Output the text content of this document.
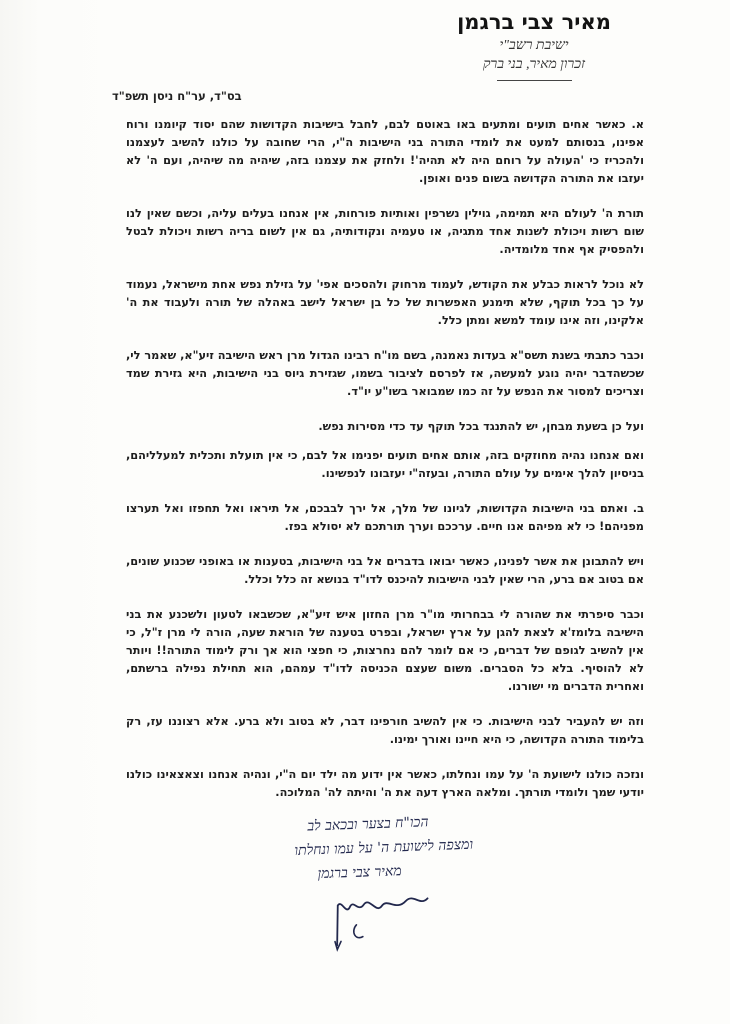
מאיר צבי ברגמן
ישיבת רשב"י
זכרון מאיר, בני ברק
בס"ד, ער"ח ניסן תשפ"ד

א. כאשר אחים תועים ומתעים באו באוטם לבם, לחבל בישיבות הקדושות שהם יסוד קיומנו ורוח אפינו, בנסותם למעט את לומדי התורה בני הישיבות ה"י, הרי שחובה על כולנו להשיב לעצמנו ולהכריז כי 'העולה על רוחם היה לא תהיה'! ולחזק את עצמנו בזה, שיהיה מה שיהיה, ועם ה' לא יעזבו את התורה הקדושה בשום פנים ואופן.

תורת ה' לעולם היא תמימה, גוילין נשרפין ואותיות פורחות, אין אנחנו בעלים עליה, וכשם שאין לנו שום רשות ויכולת לשנות אחד מתגיה, או טעמיה ונקודותיה, גם אין לשום בריה רשות ויכולת לבטל ולהפסיק אף אחד מלומדיה.

לא נוכל לראות כבלע את הקודש, לעמוד מרחוק ולהסכים אפי' על גזילת נפש אחת מישראל, נעמוד על כך בכל תוקף, שלא תימנע האפשרות של כל בן ישראל לישב באהלה של תורה ולעבוד את ה' אלקינו, וזה אינו עומד למשא ומתן כלל.

וכבר כתבתי בשנת תשס"א בעדות נאמנה, בשם מו"ח רבינו הגדול מרן ראש הישיבה זיע"א, שאמר לי, שכשהדבר יהיה נוגע למעשה, אז לפרסם לציבור בשמו, שגזירת גיוס בני הישיבות, היא גזירת שמד וצריכים למסור את הנפש על זה כמו שמבואר בשו"ע יו"ד.

ועל כן בשעת מבחן, יש להתנגד בכל תוקף עד כדי מסירות נפש.

ואם אנחנו נהיה מחוזקים בזה, אותם אחים תועים יפנימו אל לבם, כי אין תועלת ותכלית למעלליהם, בניסיון להלך אימים על עולם התורה, ובעזה"י יעזבונו לנפשינו.

ב. ואתם בני הישיבות הקדושות, לגיונו של מלך, אל ירך לבבכם, אל תיראו ואל תחפזו ואל תערצו מפניהם! כי לא מפיהם אנו חיים. ערככם וערך תורתכם לא יסולא בפז.

ויש להתבונן את אשר לפנינו, כאשר יבואו בדברים אל בני הישיבות, בטענות או באופני שכנוע שונים, אם בטוב אם ברע, הרי שאין לבני הישיבות להיכנס לדו"ד בנושא זה כלל וכלל.

וכבר סיפרתי את שהורה לי בבחרותי מו"ר מרן החזון איש זיע"א, שכשבאו לטעון ולשכנע את בני הישיבה בלומז'א לצאת להגן על ארץ ישראל, ובפרט בטענה של הוראת שעה, הורה לי מרן ז"ל, כי אין להשיב לגופם של דברים, כי אם לומר להם נחרצות, כי חפצי הוא אך ורק לימוד התורה!! ויותר לא להוסיף. בלא כל הסברים. משום שעצם הכניסה לדו"ד עמהם, הוא תחילת נפילה ברשתם, ואחרית הדברים מי ישורנו.

וזה יש להעביר לבני הישיבות. כי אין להשיב חורפינו דבר, לא בטוב ולא ברע. אלא רצוננו עז, רק בלימוד התורה הקדושה, כי היא חיינו ואורך ימינו.

ונזכה כולנו לישועת ה' על עמו ונחלתו, כאשר אין ידוע מה ילד יום ה"י, ונהיה אנחנו וצאצאינו כולנו יודעי שמך ולומדי תורתך. ומלאה הארץ דעה את ה' והיתה לה' המלוכה.

הכו"ח בצער ובכאב לב
ומצפה לישועת ה' על עמו ונחלתו
מאיר צבי ברגמן
